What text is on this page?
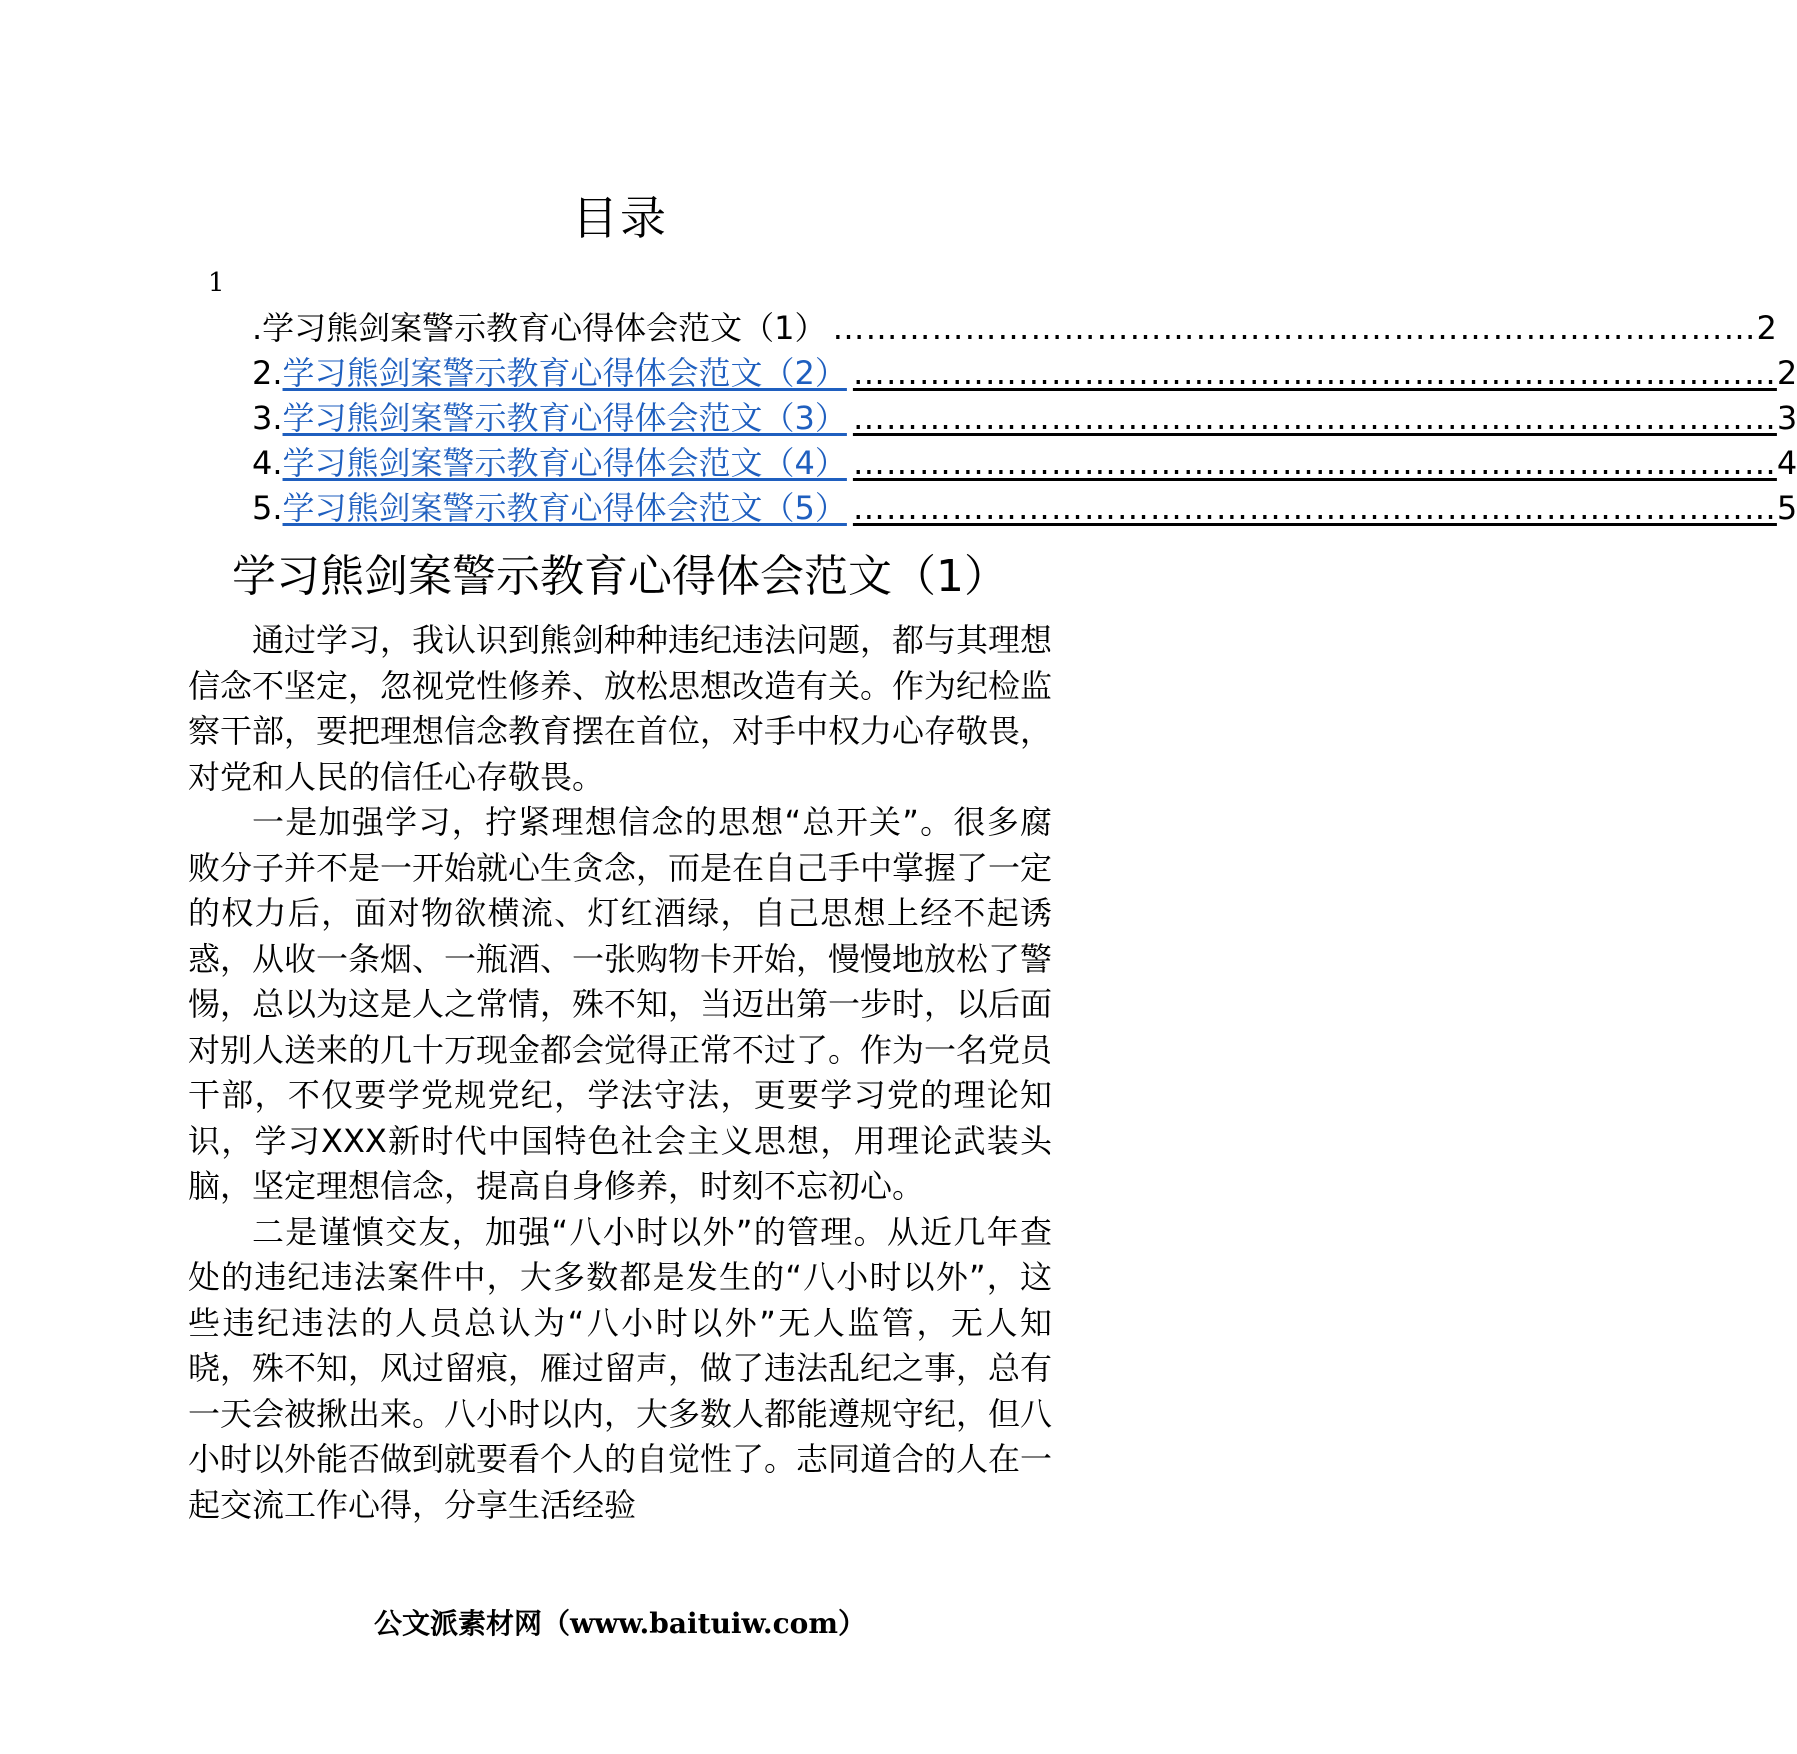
目录
1
. 学习熊剑案警示教育心得体会范文（1） ………………………………………………………………………… 2
2. 学习熊剑案警示教育心得体会范文（2） ………………………………………………………………………… 2
3. 学习熊剑案警示教育心得体会范文（3） ………………………………………………………………………… 3
4. 学习熊剑案警示教育心得体会范文（4） ………………………………………………………………………… 4
5. 学习熊剑案警示教育心得体会范文（5） ………………………………………………………………………… 5
学习熊剑案警示教育心得体会范文（1）

通过学习，我认识到熊剑种种违纪违法问题，都与其理想信念不坚定，忽视党性修养、放松思想改造有关。作为纪检监察干部，要把理想信念教育摆在首位，对手中权力心存敬畏，对党和人民的信任心存敬畏。

一是加强学习，拧紧理想信念的思想“总开关”。很多腐败分子并不是一开始就心生贪念，而是在自己手中掌握了一定的权力后，面对物欲横流、灯红酒绿，自己思想上经不起诱惑，从收一条烟、一瓶酒、一张购物卡开始，慢慢地放松了警惕，总以为这是人之常情，殊不知，当迈出第一步时，以后面对别人送来的几十万现金都会觉得正常不过了。作为一名党员干部，不仅要学党规党纪，学法守法，更要学习党的理论知识，学习XXX新时代中国特色社会主义思想，用理论武装头脑，坚定理想信念，提高自身修养，时刻不忘初心。

二是谨慎交友，加强“八小时以外”的管理。从近几年查处的违纪违法案件中，大多数都是发生的“八小时以外”，这些违纪违法的人员总认为“八小时以外”无人监管，无人知晓，殊不知，风过留痕，雁过留声，做了违法乱纪之事，总有一天会被揪出来。八小时以内，大多数人都能遵规守纪，但八小时以外能否做到就要看个人的自觉性了。志同道合的人在一起交流工作心得，分享生活经验

公文派素材网（www.baituiw.com）
